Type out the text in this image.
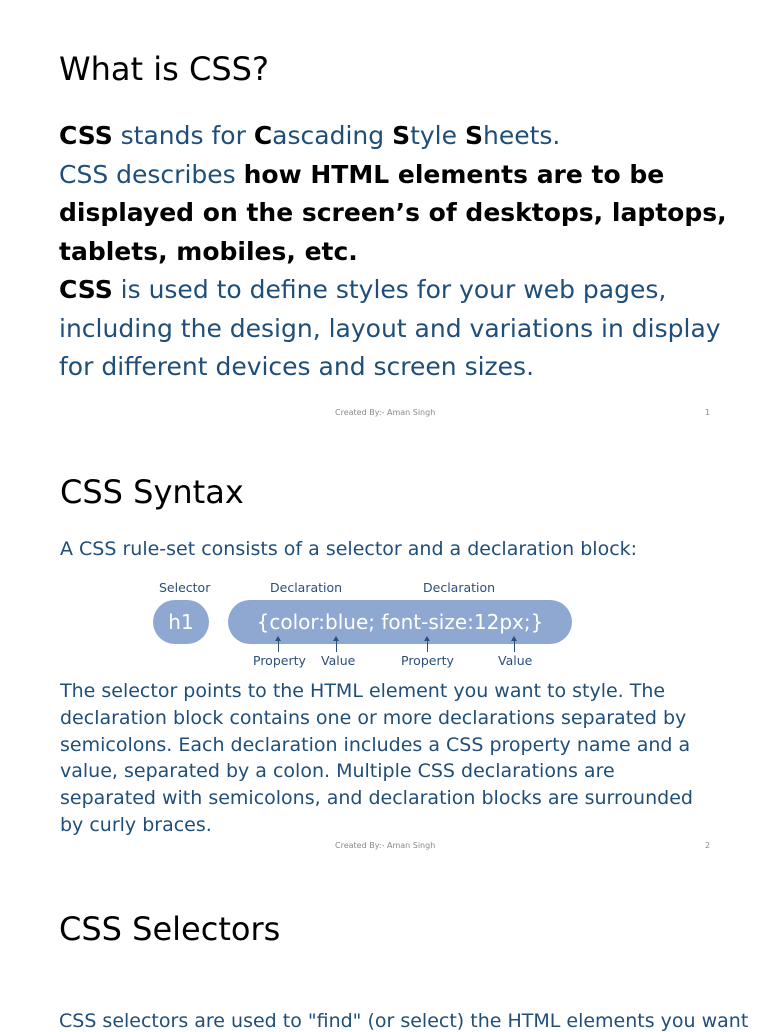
What is CSS?
CSS stands for Cascading Style Sheets.
CSS describes how HTML elements are to be displayed on the screen’s of desktops, laptops, tablets, mobiles, etc.
CSS is used to define styles for your web pages, including the design, layout and variations in display for different devices and screen sizes.
Created By:- Aman Singh	1
CSS Syntax
A CSS rule-set consists of a selector and a declaration block:
Selector	Declaration	Declaration
h1	{color:blue; font-size:12px;}
Property Value	Property	Value
The selector points to the HTML element you want to style. The declaration block contains one or more declarations separated by semicolons. Each declaration includes a CSS property name and a value, separated by a colon. Multiple CSS declarations are separated with semicolons, and declaration blocks are surrounded by curly braces.
Created By:- Aman Singh	2
CSS Selectors
CSS selectors are used to "find" (or select) the HTML elements you want
